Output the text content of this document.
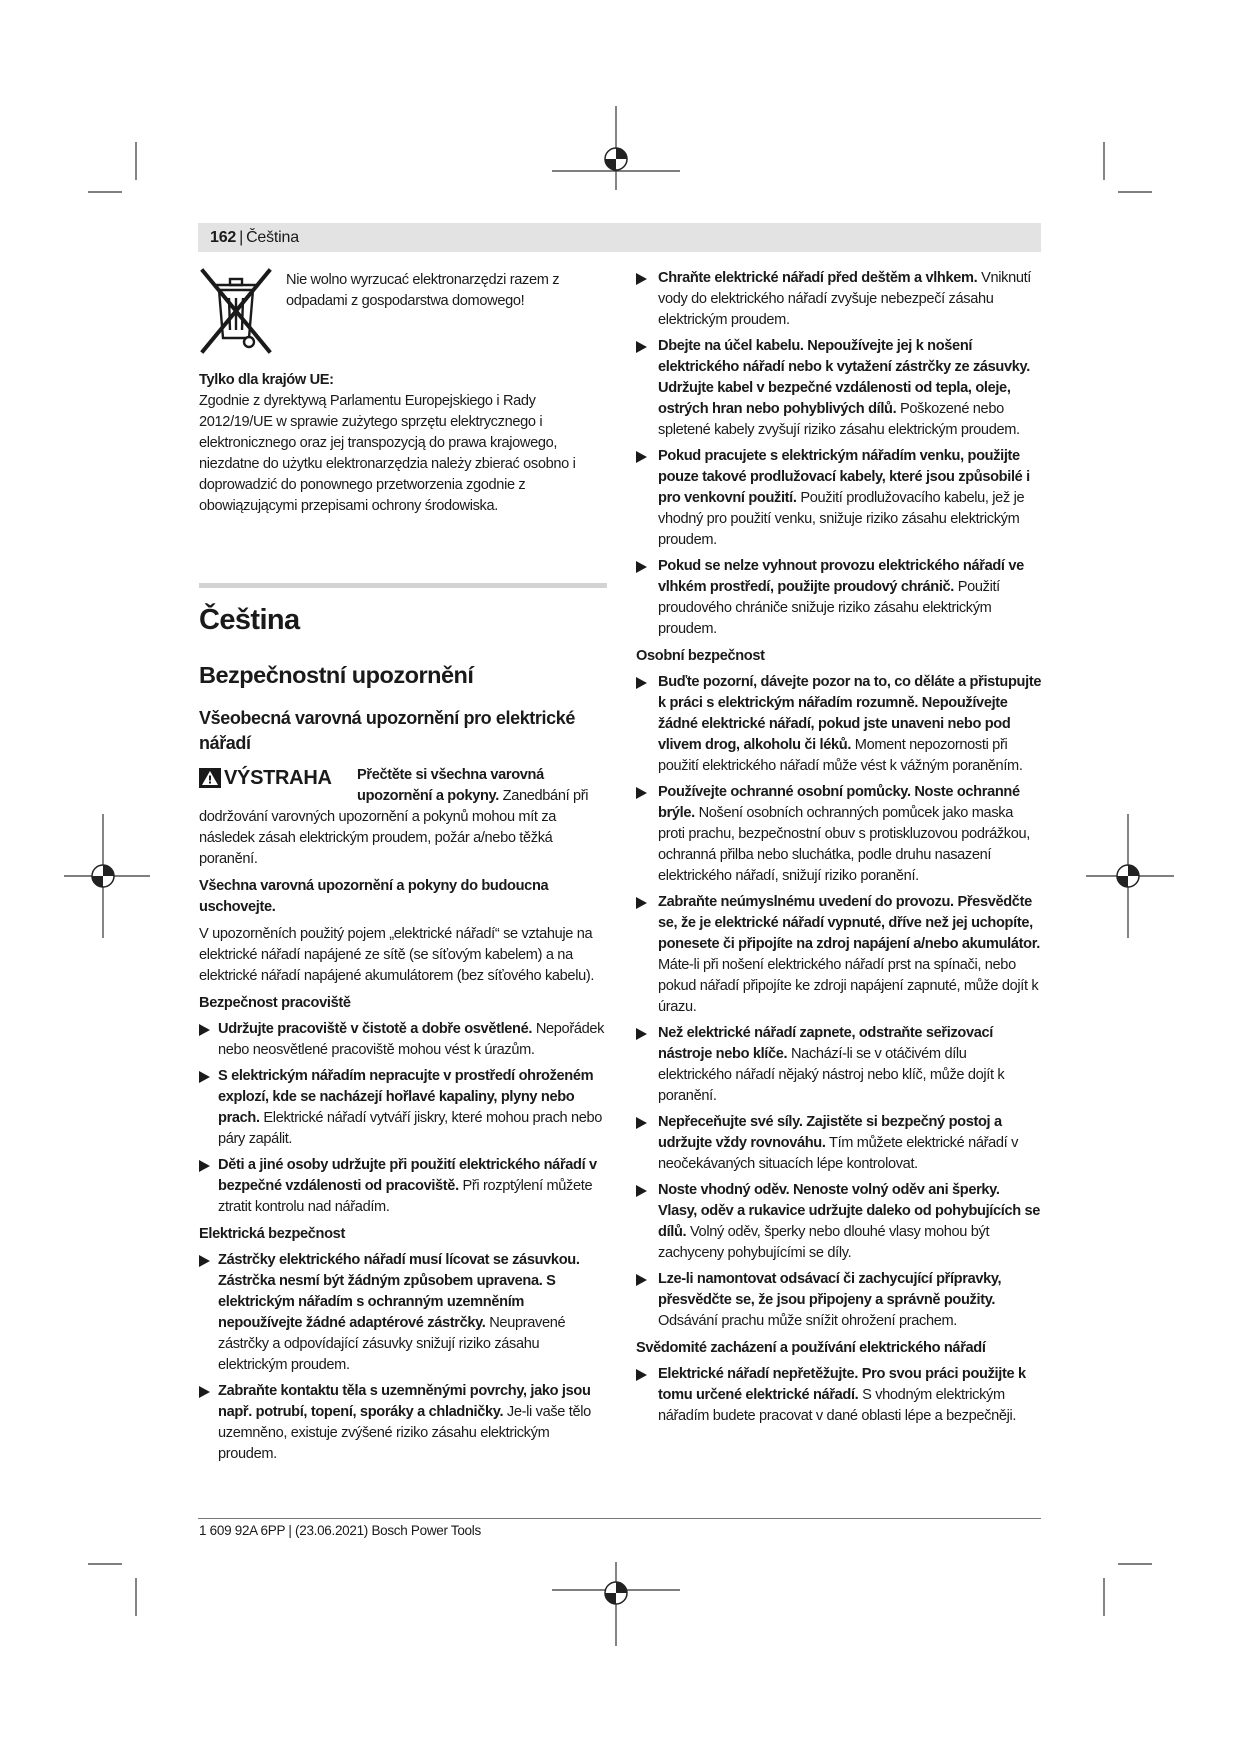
162 | Čeština

Nie wolno wyrzucać elektronarzędzi razem z odpadami z gospodarstwa domowego!

Tylko dla krajów UE:

Zgodnie z dyrektywą Parlamentu Europejskiego i Rady 2012/19/UE w sprawie zużytego sprzętu elektrycznego i elektronicznego oraz jej transpozycją do prawa krajowego, niezdatne do użytku elektronarzędzia należy zbierać osobno i doprowadzić do ponownego przetworzenia zgodnie z obowiązującymi przepisami ochrony środowiska.

Čeština
Bezpečnostní upozornění
Všeobecná varovná upozornění pro elektrické nářadí
VÝSTRAHA	Přečtěte si všechna varovná upozornění a pokyny. Zanedbání při dodržování varovných upozornění a pokynů mohou mít za následek zásah elektrickým proudem, požár a/nebo těžká poranění.

Všechna varovná upozornění a pokyny do budoucna uschovejte.

V upozorněních použitý pojem „elektrické nářadí“ se vztahuje na elektrické nářadí napájené ze sítě (se síťovým kabelem) a na elektrické nářadí napájené akumulátorem (bez síťového kabelu).

Bezpečnost pracoviště

Udržujte pracoviště v čistotě a dobře osvětlené. Nepořádek nebo neosvětlené pracoviště mohou vést k úrazům.
S elektrickým nářadím nepracujte v prostředí ohroženém explozí, kde se nacházejí hořlavé kapaliny, plyny nebo prach. Elektrické nářadí vytváří jiskry, které mohou prach nebo páry zapálit.
Děti a jiné osoby udržujte při použití elektrického nářadí v bezpečné vzdálenosti od pracoviště. Při rozptýlení můžete ztratit kontrolu nad nářadím.

Elektrická bezpečnost

Zástrčky elektrického nářadí musí lícovat se zásuvkou. Zástrčka nesmí být žádným způsobem upravena. S elektrickým nářadím s ochranným uzemněním nepoužívejte žádné adaptérové zástrčky. Neupravené zástrčky a odpovídající zásuvky snižují riziko zásahu elektrickým proudem.
Zabraňte kontaktu těla s uzemněnými povrchy, jako jsou např. potrubí, topení, sporáky a chladničky. Je-li vaše tělo uzemněno, existuje zvýšené riziko zásahu elektrickým proudem.
Chraňte elektrické nářadí před deštěm a vlhkem. Vniknutí vody do elektrického nářadí zvyšuje nebezpečí zásahu elektrickým proudem.
Dbejte na účel kabelu. Nepoužívejte jej k nošení elektrického nářadí nebo k vytažení zástrčky ze zásuvky. Udržujte kabel v bezpečné vzdálenosti od tepla, oleje, ostrých hran nebo pohyblivých dílů. Poškozené nebo spletené kabely zvyšují riziko zásahu elektrickým proudem.
Pokud pracujete s elektrickým nářadím venku, použijte pouze takové prodlužovací kabely, které jsou způsobilé i pro venkovní použití. Použití prodlužovacího kabelu, jež je vhodný pro použití venku, snižuje riziko zásahu elektrickým proudem.
Pokud se nelze vyhnout provozu elektrického nářadí ve vlhkém prostředí, použijte proudový chránič. Použití proudového chrániče snižuje riziko zásahu elektrickým proudem.

Osobní bezpečnost

Buďte pozorní, dávejte pozor na to, co děláte a přistupujte k práci s elektrickým nářadím rozumně. Nepoužívejte žádné elektrické nářadí, pokud jste unaveni nebo pod vlivem drog, alkoholu či léků. Moment nepozornosti při použití elektrického nářadí může vést k vážným poraněním.
Používejte ochranné osobní pomůcky. Noste ochranné brýle. Nošení osobních ochranných pomůcek jako maska proti prachu, bezpečnostní obuv s protiskluzovou podrážkou, ochranná přilba nebo sluchátka, podle druhu nasazení elektrického nářadí, snižují riziko poranění.
Zabraňte neúmyslnému uvedení do provozu. Přesvědčte se, že je elektrické nářadí vypnuté, dříve než jej uchopíte, ponesete či připojíte na zdroj napájení a/nebo akumulátor. Máte-li při nošení elektrického nářadí prst na spínači, nebo pokud nářadí připojíte ke zdroji napájení zapnuté, může dojít k úrazu.
Než elektrické nářadí zapnete, odstraňte seřizovací nástroje nebo klíče. Nachází-li se v otáčivém dílu elektrického nářadí nějaký nástroj nebo klíč, může dojít k poranění.
Nepřeceňujte své síly. Zajistěte si bezpečný postoj a udržujte vždy rovnováhu. Tím můžete elektrické nářadí v neočekávaných situacích lépe kontrolovat.
Noste vhodný oděv. Nenoste volný oděv ani šperky. Vlasy, oděv a rukavice udržujte daleko od pohybujících se dílů. Volný oděv, šperky nebo dlouhé vlasy mohou být zachyceny pohybujícími se díly.
Lze-li namontovat odsávací či zachycující přípravky, přesvědčte se, že jsou připojeny a správně použity. Odsávání prachu může snížit ohrožení prachem.

Svědomité zacházení a používání elektrického nářadí

Elektrické nářadí nepřetěžujte. Pro svou práci použijte k tomu určené elektrické nářadí. S vhodným elektrickým nářadím budete pracovat v dané oblasti lépe a bezpečněji.
1 609 92A 6PP | (23.06.2021) Bosch Power Tools
